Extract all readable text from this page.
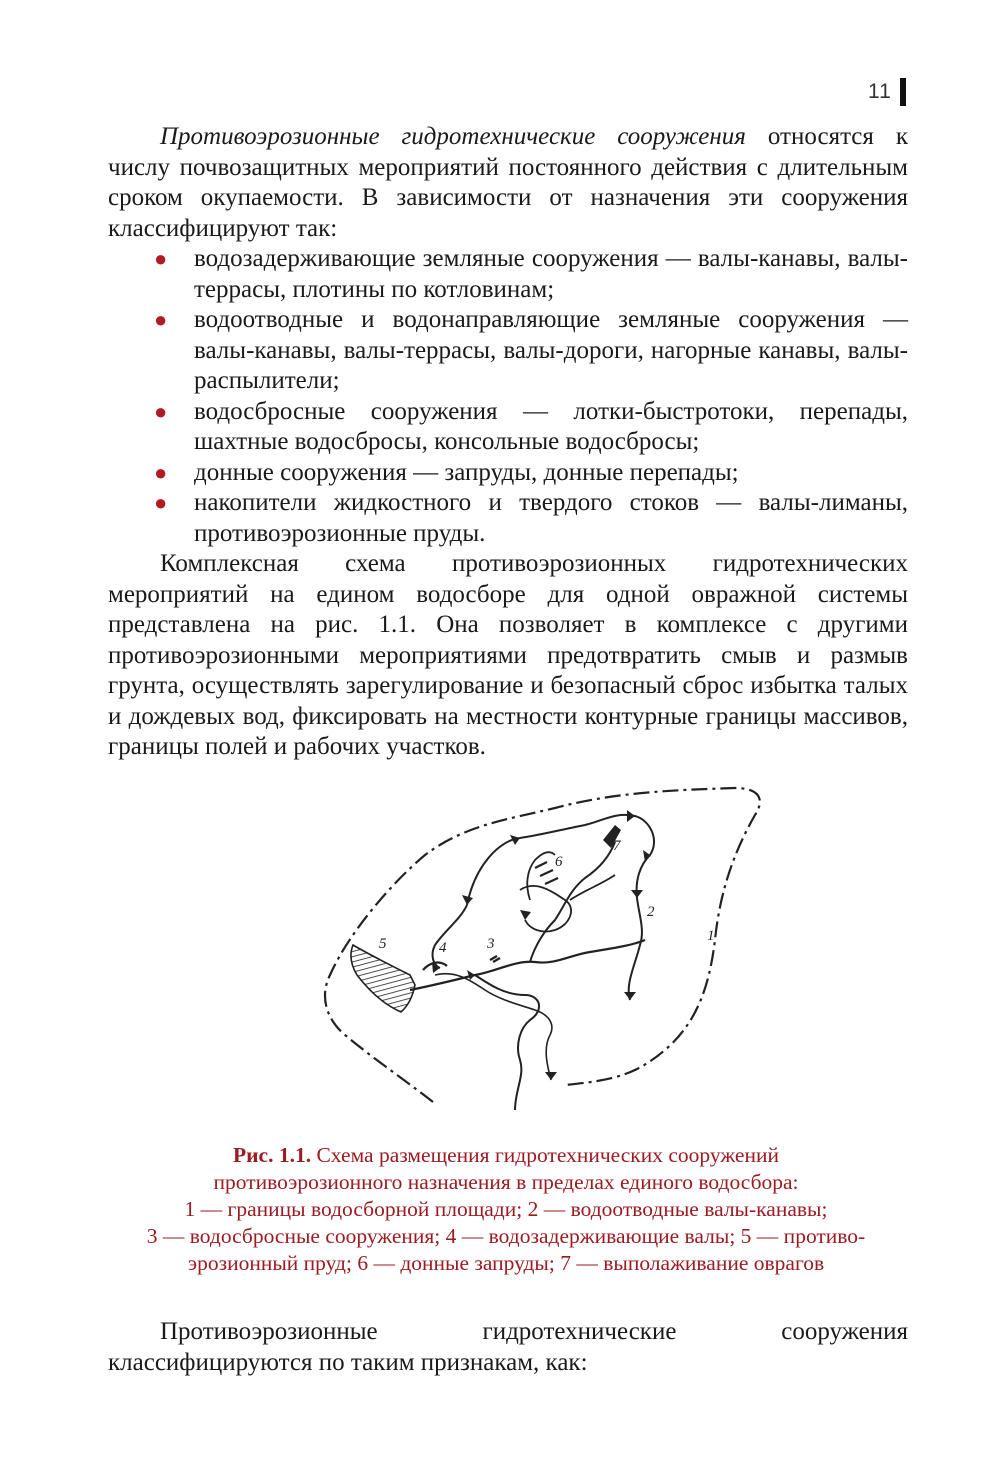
11

Противоэрозионные гидротехнические сооружения относятся к числу почвозащитных мероприятий постоянного действия с длительным сроком окупаемости. В зависимости от назначения эти сооружения классифицируют так:

● водозадерживающие земляные сооружения — валы-канавы, валы-террасы, плотины по котловинам;
● водоотводные и водонаправляющие земляные сооружения — валы-канавы, валы-террасы, валы-дороги, нагорные канавы, валы-распылители;
● водосбросные сооружения — лотки-быстротоки, перепады, шахтные водосбросы, консольные водосбросы;
● донные сооружения — запруды, донные перепады;
● накопители жидкостного и твердого стоков — валы-лиманы, противоэрозионные пруды.

Комплексная схема противоэрозионных гидротехнических мероприятий на едином водосборе для одной овражной системы представлена на рис. 1.1. Она позволяет в комплексе с другими противоэрозионными мероприятиями предотвратить смыв и размыв грунта, осуществлять зарегулирование и безопасный сброс избытка талых и дождевых вод, фиксировать на местности контурные границы массивов, границы полей и рабочих участков.

1
2
3
4
5
6
7
Рис. 1.1. Схема размещения гидротехнических сооружений
противоэрозионного назначения в пределах единого водосбора:
1 — границы водосборной площади; 2 — водоотводные валы-канавы;
3 — водосбросные сооружения; 4 — водозадерживающие валы; 5 — противо-
эрозионный пруд; 6 — донные запруды; 7 — выполаживание оврагов

Противоэрозионные гидротехнические сооружения классифицируются по таким признакам, как:
